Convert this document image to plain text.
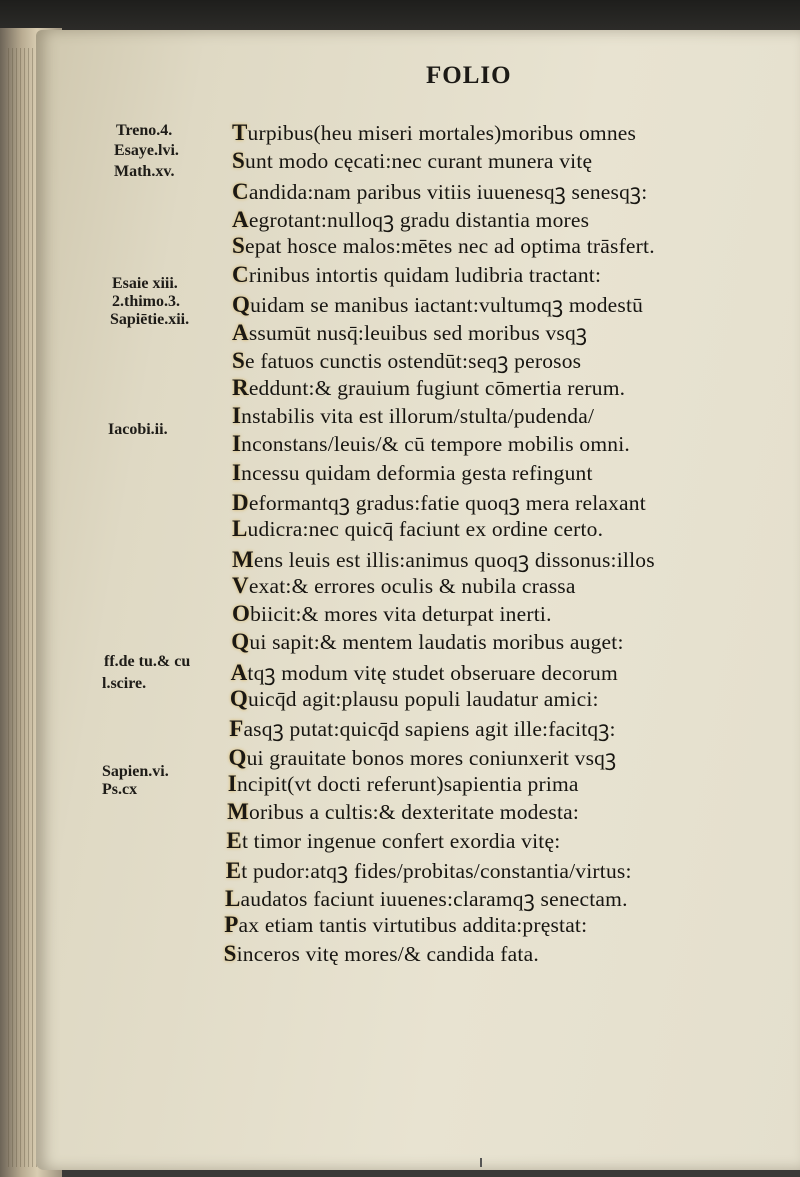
FOLIO
Treno.4.
Esaye.lvi.
Math.xv.
Esaie xiii.
2.thimo.3.
Sapiētie.xii.
Iacobi.ii.
ff.de tu.& cu
l.scire.
Sapien.vi.
Ps.cx
Turpibus(heu miseri mortales)moribus omnes
Sunt modo cęcati:nec curant munera vitę
Candida:nam paribus vitiis iuuenesqꝫ senesqꝫ:
Aegrotant:nulloqꝫ gradu distantia mores
Sepat hosce malos:mētes nec ad optima trāsfert.
Crinibus intortis quidam ludibria tractant:
Quidam se manibus iactant:vultumqꝫ modestū
Assumūt nusq̄:leuibus sed moribus vsqꝫ
Se fatuos cunctis ostendūt:seqꝫ perosos
Reddunt:& grauium fugiunt cōmertia rerum.
Instabilis vita est illorum/stulta/pudenda/
Inconstans/leuis/& cū tempore mobilis omni.
Incessu quidam deformia gesta refingunt
Deformantqꝫ gradus:fatie quoqꝫ mera relaxant
Ludicra:nec quicq̄ faciunt ex ordine certo.
Mens leuis est illis:animus quoqꝫ dissonus:illos
Vexat:& errores oculis & nubila crassa
Obiicit:& mores vita deturpat inerti.
Qui sapit:& mentem laudatis moribus auget:
Atqꝫ modum vitę studet obseruare decorum
Quicq̄d agit:plausu populi laudatur amici:
Fasqꝫ putat:quicq̄d sapiens agit ille:facitqꝫ:
Qui grauitate bonos mores coniunxerit vsqꝫ
Incipit(vt docti referunt)sapientia prima
Moribus a cultis:& dexteritate modesta:
Et timor ingenue confert exordia vitę:
Et pudor:atqꝫ fides/probitas/constantia/virtus:
Laudatos faciunt iuuenes:claramqꝫ senectam.
Pax etiam tantis virtutibus addita:pręstat:
Sinceros vitę mores/& candida fata.
